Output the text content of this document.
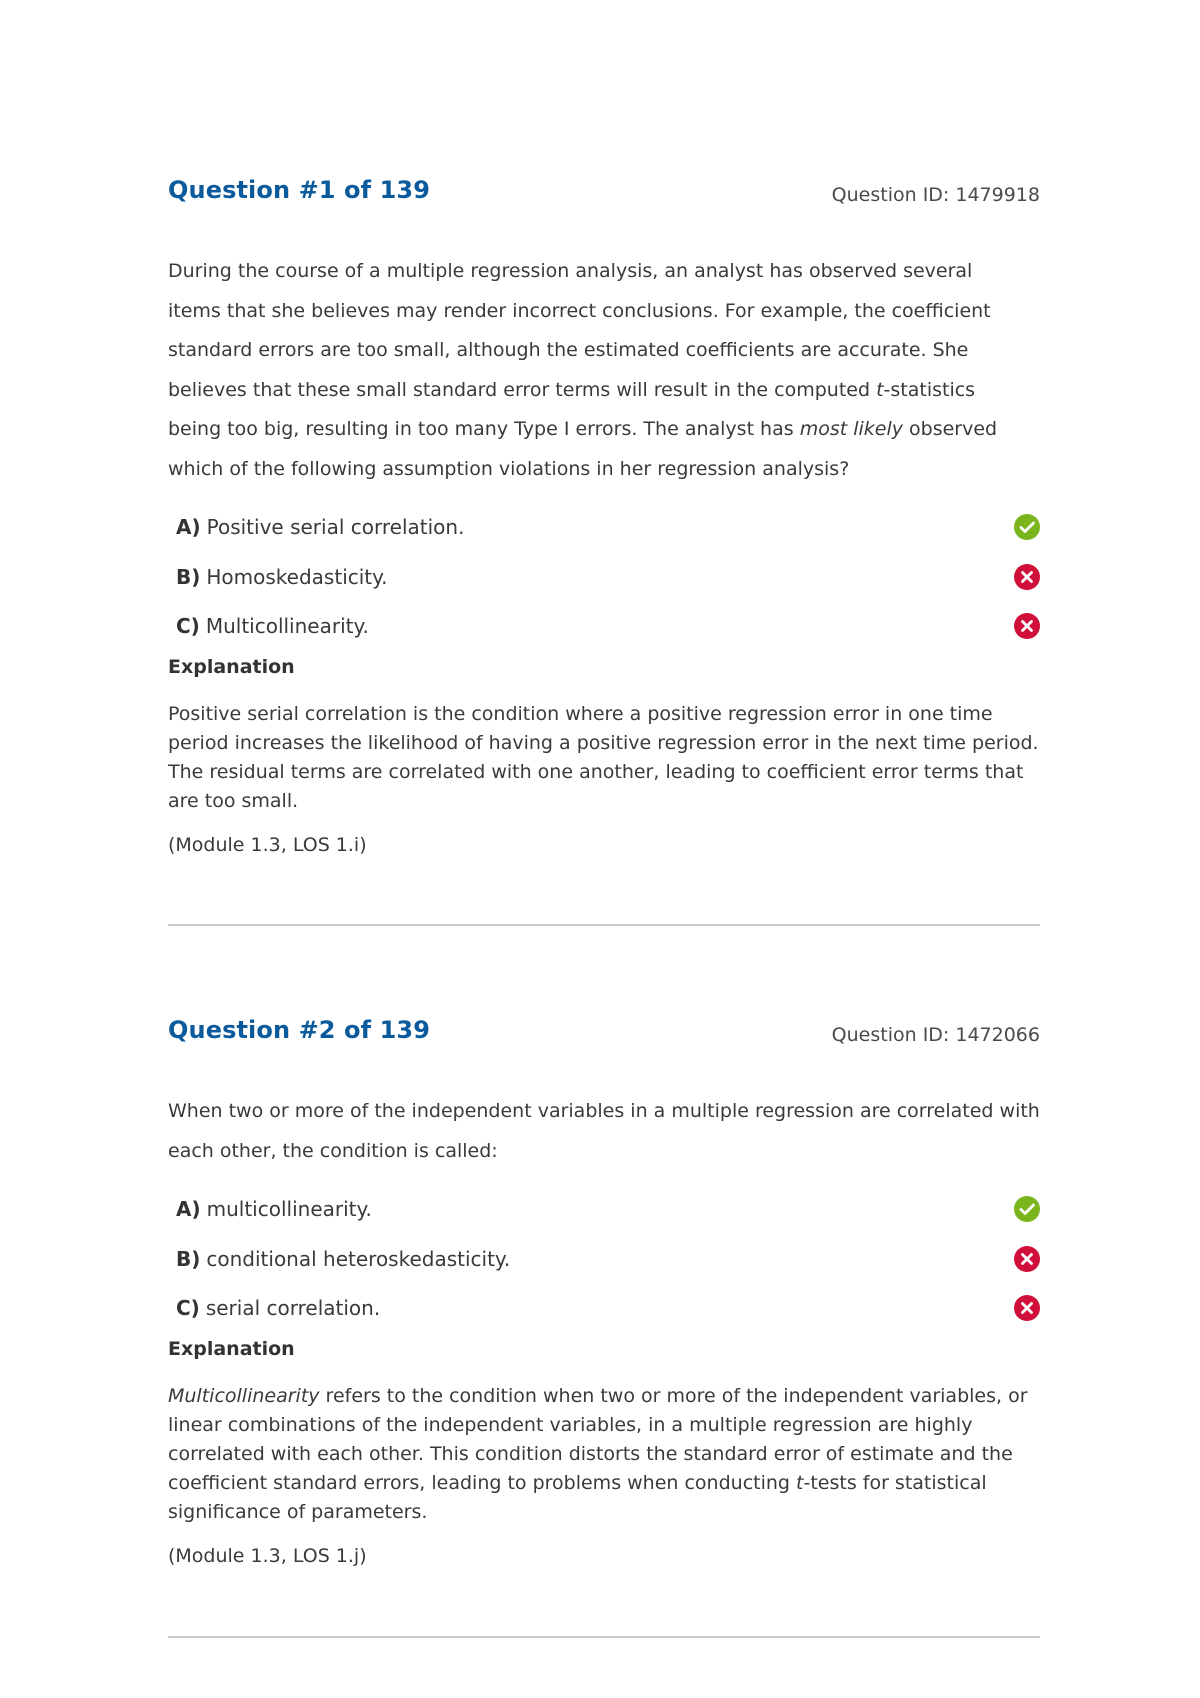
Question #1 of 139	Question ID: 1479918
During the course of a multiple regression analysis, an analyst has observed several items that she believes may render incorrect conclusions. For example, the coefficient standard errors are too small, although the estimated coefficients are accurate. She believes that these small standard error terms will result in the computed t-statistics being too big, resulting in too many Type I errors. The analyst has most likely observed which of the following assumption violations in her regression analysis?
A) Positive serial correlation.
B) Homoskedasticity.
C) Multicollinearity.
Explanation
Positive serial correlation is the condition where a positive regression error in one time period increases the likelihood of having a positive regression error in the next time period. The residual terms are correlated with one another, leading to coefficient error terms that are too small.
(Module 1.3, LOS 1.i)
Question #2 of 139	Question ID: 1472066
When two or more of the independent variables in a multiple regression are correlated with each other, the condition is called:
A) multicollinearity.
B) conditional heteroskedasticity.
C) serial correlation.
Explanation
Multicollinearity refers to the condition when two or more of the independent variables, or linear combinations of the independent variables, in a multiple regression are highly correlated with each other. This condition distorts the standard error of estimate and the coefficient standard errors, leading to problems when conducting t-tests for statistical significance of parameters.
(Module 1.3, LOS 1.j)
